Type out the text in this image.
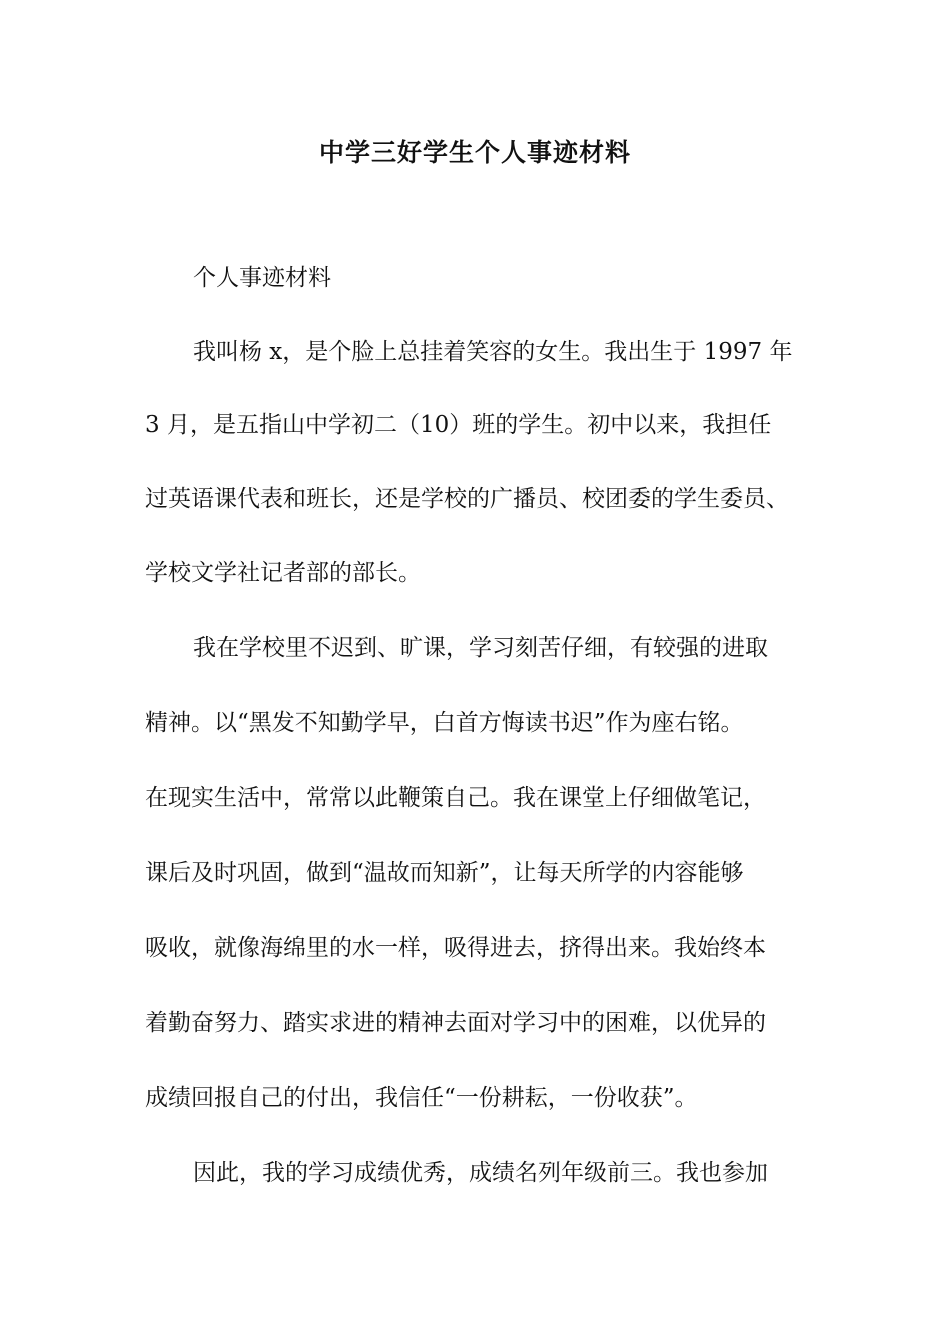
中学三好学生个人事迹材料

个人事迹材料

我叫杨 x，是个脸上总挂着笑容的女生。我出生于 1997 年

3 月，是五指山中学初二（10）班的学生。初中以来，我担任

过英语课代表和班长，还是学校的广播员、校团委的学生委员、

学校文学社记者部的部长。

我在学校里不迟到、旷课，学习刻苦仔细，有较强的进取

精神。以“黑发不知勤学早，白首方悔读书迟”作为座右铭。

在现实生活中，常常以此鞭策自己。我在课堂上仔细做笔记，

课后及时巩固，做到“温故而知新”，让每天所学的内容能够

吸收，就像海绵里的水一样，吸得进去，挤得出来。我始终本

着勤奋努力、踏实求进的精神去面对学习中的困难，以优异的

成绩回报自己的付出，我信任“一份耕耘，一份收获”。

因此，我的学习成绩优秀，成绩名列年级前三。我也参加
